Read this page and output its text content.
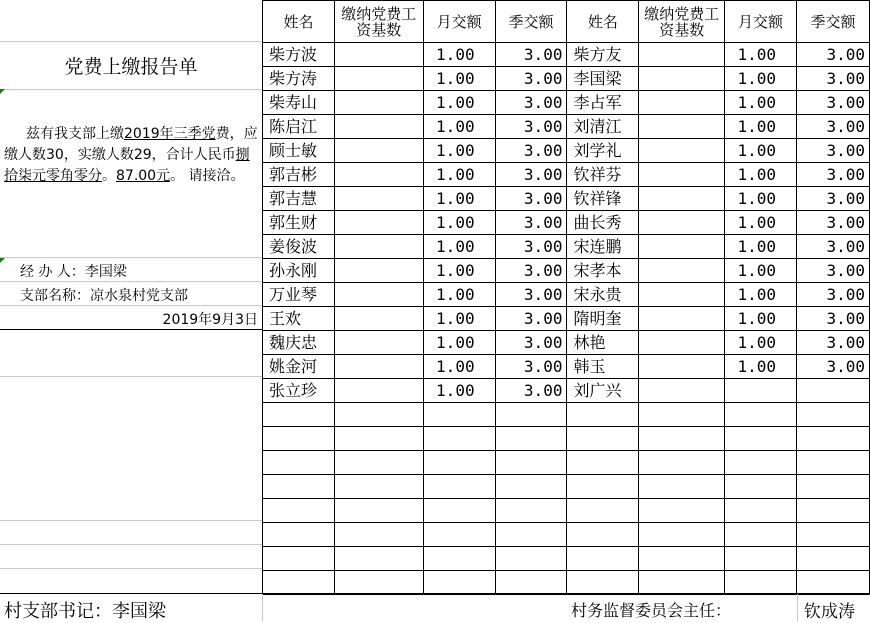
党费上缴报告单
兹有我支部上缴2019年三季党费，应缴人数30，实缴人数29，合计人民币捌拾柒元零角零分。87.00元。 请接洽。
经 办 人：李国梁
支部名称：凉水泉村党支部
2019年9月3日
姓名	缴纳党费工资基数	月交额	季交额	姓名	缴纳党费工资基数	月交额	季交额
柴方波		1.00	3.00	柴方友		1.00	3.00
柴方涛		1.00	3.00	李国梁		1.00	3.00
柴寿山		1.00	3.00	李占军		1.00	3.00
陈启江		1.00	3.00	刘清江		1.00	3.00
顾士敏		1.00	3.00	刘学礼		1.00	3.00
郭吉彬		1.00	3.00	钦祥芬		1.00	3.00
郭吉慧		1.00	3.00	钦祥锋		1.00	3.00
郭生财		1.00	3.00	曲长秀		1.00	3.00
姜俊波		1.00	3.00	宋连鹏		1.00	3.00
孙永刚		1.00	3.00	宋孝本		1.00	3.00
万业琴		1.00	3.00	宋永贵		1.00	3.00
王欢		1.00	3.00	隋明奎		1.00	3.00
魏庆忠		1.00	3.00	林艳		1.00	3.00
姚金河		1.00	3.00	韩玉		1.00	3.00
张立珍		1.00	3.00	刘广兴			

村支部书记：李国梁	村务监督委员会主任：	钦成涛
